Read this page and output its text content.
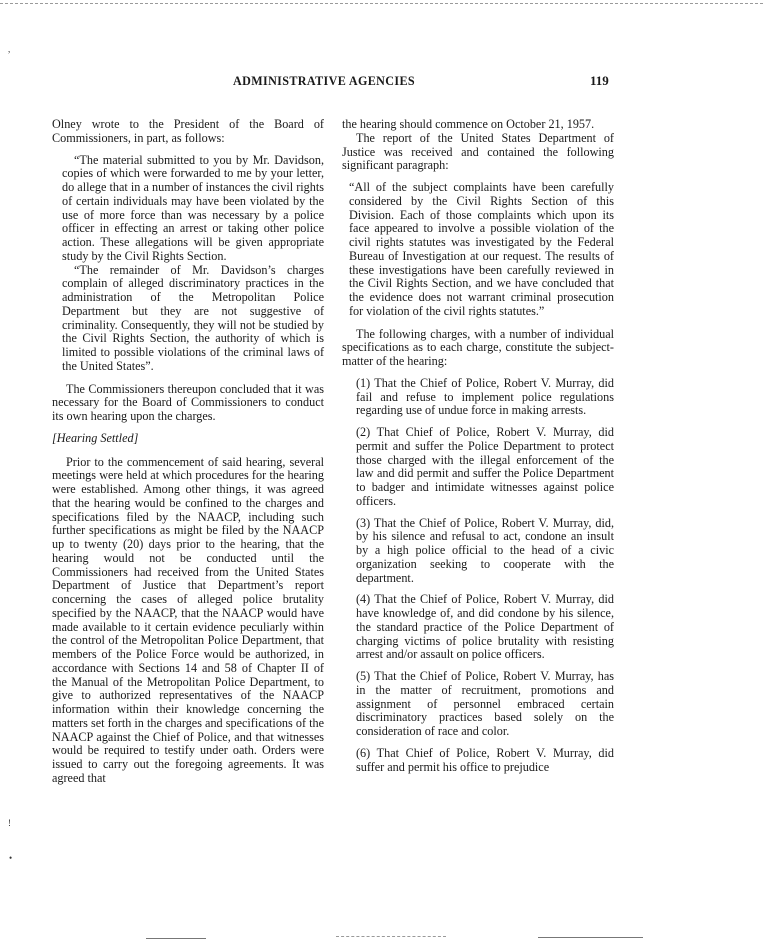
ADMINISTRATIVE AGENCIES	119
,
!
•

Olney wrote to the President of the Board of Commissioners, in part, as follows:

“The material submitted to you by Mr. Davidson, copies of which were forwarded to me by your letter, do allege that in a number of instances the civil rights of certain individuals may have been violated by the use of more force than was necessary by a police officer in effecting an arrest or taking other police action. These allegations will be given appropriate study by the Civil Rights Section.

“The remainder of Mr. Davidson’s charges complain of alleged discriminatory practices in the administration of the Metropolitan Police Department but they are not suggestive of criminality. Consequently, they will not be studied by the Civil Rights Section, the authority of which is limited to possible violations of the criminal laws of the United States”.

The Commissioners thereupon concluded that it was necessary for the Board of Commissioners to conduct its own hearing upon the charges.

[Hearing Settled]

Prior to the commencement of said hearing, several meetings were held at which procedures for the hearing were established. Among other things, it was agreed that the hearing would be confined to the charges and specifications filed by the NAACP, including such further specifications as might be filed by the NAACP up to twenty (20) days prior to the hearing, that the hearing would not be conducted until the Commissioners had received from the United States Department of Justice that Department’s report concerning the cases of alleged police brutality specified by the NAACP, that the NAACP would have made available to it certain evidence peculiarly within the control of the Metropolitan Police Department, that members of the Police Force would be authorized, in accordance with Sections 14 and 58 of Chapter II of the Manual of the Metropolitan Police Department, to give to authorized representatives of the NAACP information within their knowledge concerning the matters set forth in the charges and specifications of the NAACP against the Chief of Police, and that witnesses would be required to testify under oath. Orders were issued to carry out the foregoing agreements. It was agreed that

the hearing should commence on October 21, 1957.

The report of the United States Department of Justice was received and contained the following significant paragraph:

“All of the subject complaints have been carefully considered by the Civil Rights Section of this Division. Each of those complaints which upon its face appeared to involve a possible violation of the civil rights statutes was investigated by the Federal Bureau of Investigation at our request. The results of these investigations have been carefully reviewed in the Civil Rights Section, and we have concluded that the evidence does not warrant criminal prosecution for violation of the civil rights statutes.”

The following charges, with a number of individual specifications as to each charge, constitute the subject-matter of the hearing:

(1) That the Chief of Police, Robert V. Murray, did fail and refuse to implement police regulations regarding use of undue force in making arrests.

(2) That Chief of Police, Robert V. Murray, did permit and suffer the Police Department to protect those charged with the illegal enforcement of the law and did permit and suffer the Police Department to badger and intimidate witnesses against police officers.

(3) That the Chief of Police, Robert V. Murray, did, by his silence and refusal to act, condone an insult by a high police official to the head of a civic organization seeking to cooperate with the department.

(4) That the Chief of Police, Robert V. Murray, did have knowledge of, and did condone by his silence, the standard practice of the Police Department of charging victims of police brutality with resisting arrest and/or assault on police officers.

(5) That the Chief of Police, Robert V. Murray, has in the matter of recruitment, promotions and assignment of personnel embraced certain discriminatory practices based solely on the consideration of race and color.

(6) That Chief of Police, Robert V. Murray, did suffer and permit his office to prejudice
